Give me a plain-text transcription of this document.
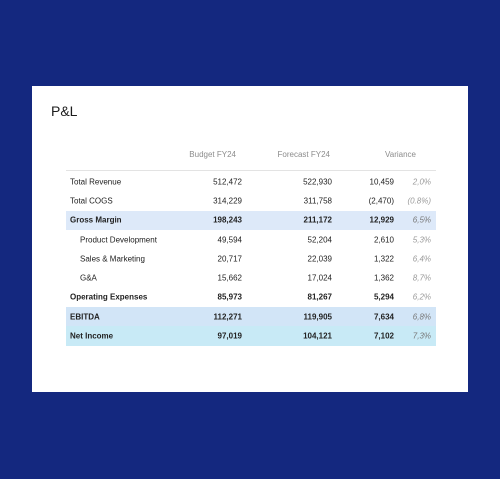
P&L
Budget FY24	Forecast FY24	Variance
Total Revenue	512,472	522,930	10,459 2,0%
Total COGS	314,229	311,758	(2,470) (0.8%)
Gross Margin	198,243	211,172	12,929 6,5%
Product Development	49,594	52,204	2,610 5,3%
Sales & Marketing	20,717	22,039	1,322 6,4%
G&A	15,662	17,024	1,362 8,7%
Operating Expenses	85,973	81,267	5,294 6,2%
EBITDA	112,271	119,905	7,634 6,8%
Net Income	97,019	104,121	7,102 7,3%
